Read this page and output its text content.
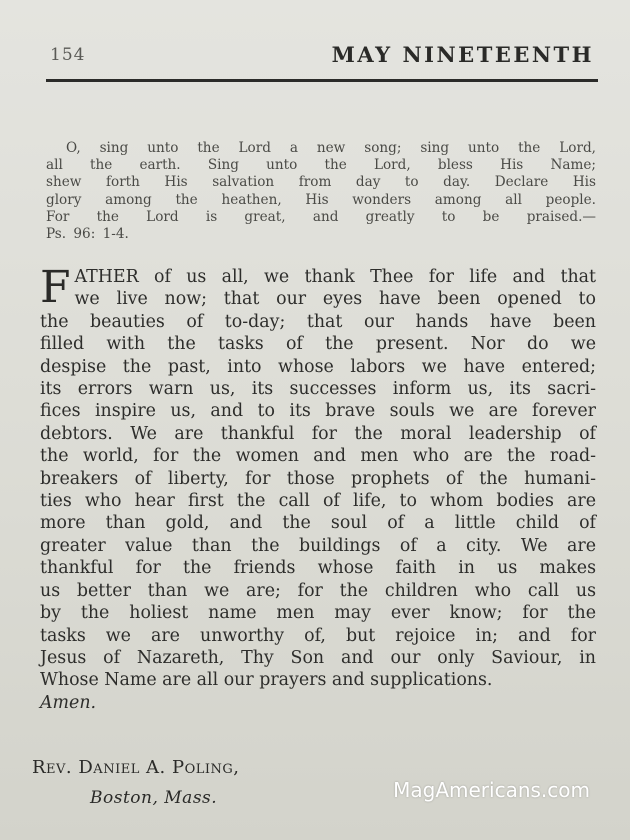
154	MAY NINETEENTH
O, sing unto the Lord a new song; sing unto the Lord,
all the earth. Sing unto the Lord, bless His Name;
shew forth His salvation from day to day. Declare His
glory among the heathen, His wonders among all people.
For the Lord is great, and greatly to be praised.—
Ps. 96: 1-4.
F ATHER of us all, we thank Thee for life and that
we live now; that our eyes have been opened to
the beauties of to-day; that our hands have been
filled with the tasks of the present. Nor do we
despise the past, into whose labors we have entered;
its errors warn us, its successes inform us, its sacri-
fices inspire us, and to its brave souls we are forever
debtors. We are thankful for the moral leadership of
the world, for the women and men who are the road-
breakers of liberty, for those prophets of the humani-
ties who hear first the call of life, to whom bodies are
more than gold, and the soul of a little child of
greater value than the buildings of a city. We are
thankful for the friends whose faith in us makes
us better than we are; for the children who call us
by the holiest name men may ever know; for the
tasks we are unworthy of, but rejoice in; and for
Jesus of Nazareth, Thy Son and our only Saviour, in
Whose Name are all our prayers and supplications.
Amen.
Rev. Daniel A. Poling,
Boston, Mass.	MagAmericans.com
